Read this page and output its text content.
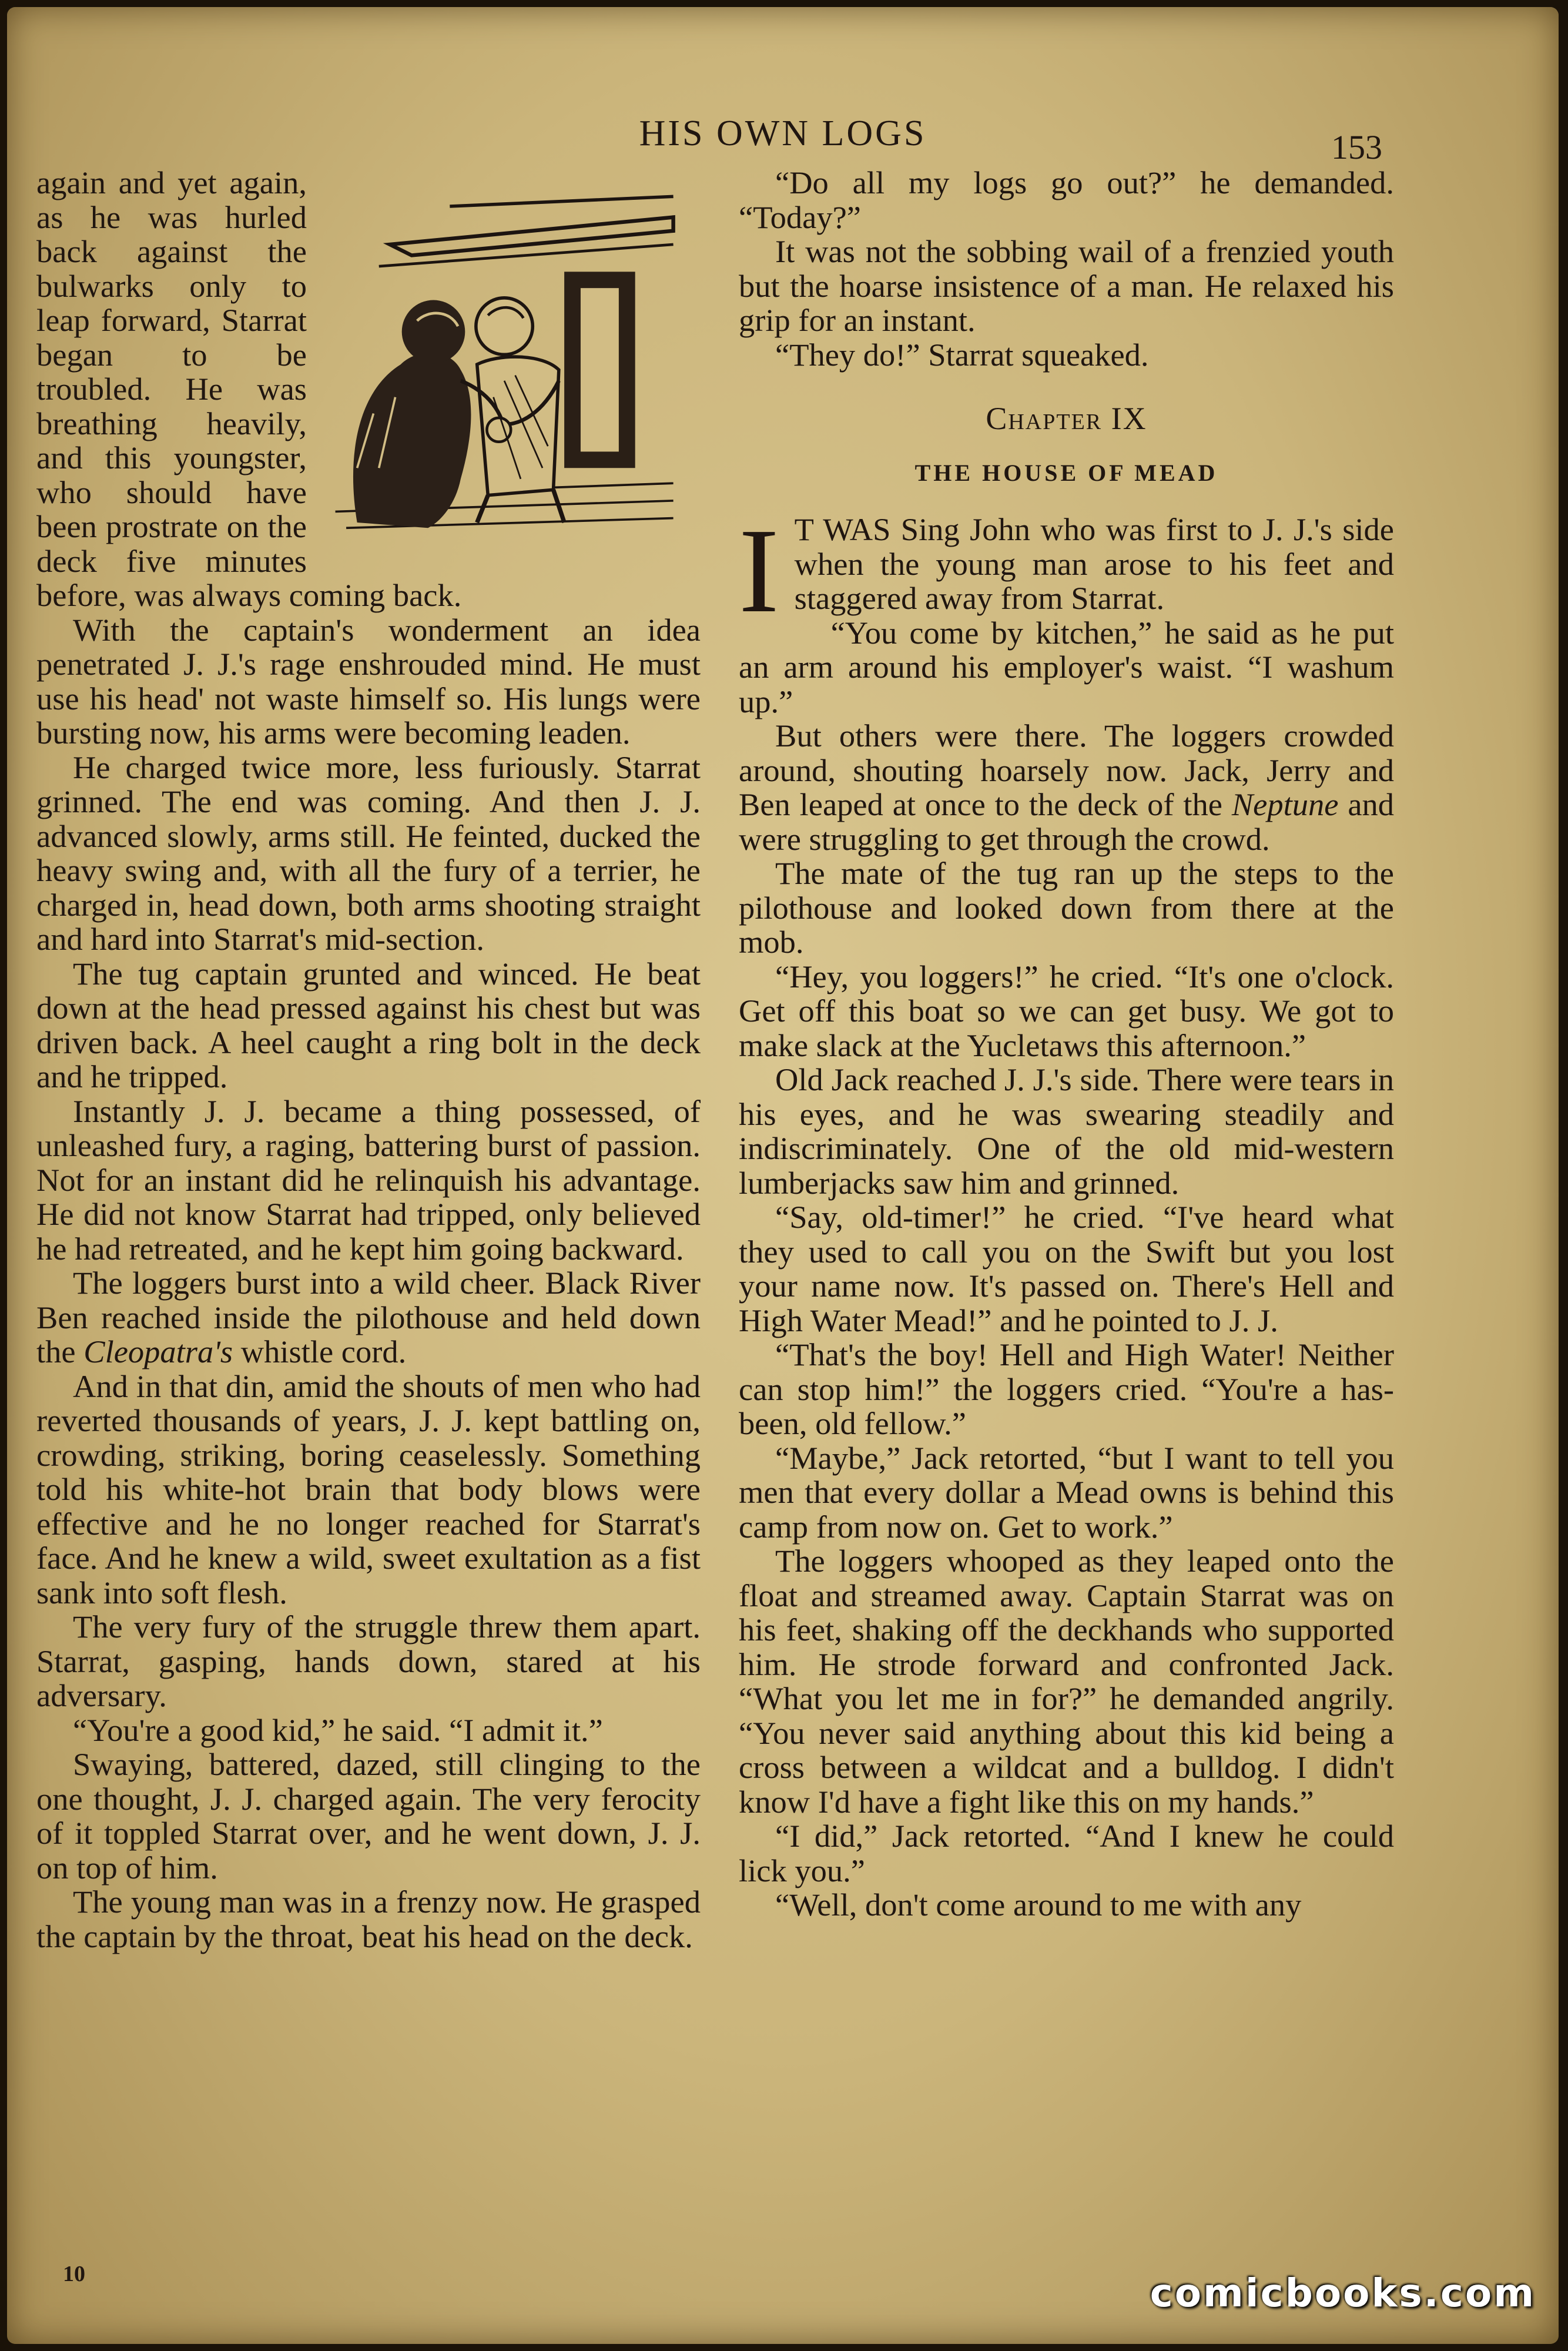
HIS OWN LOGS	153

again and yet again, as he was hurled back against the bulwarks only to leap forward, Starrat began to be troubled. He was breathing heavily, and this youngster, who should have been prostrate on the deck five minutes before, was always coming back.

With the captain's wonderment an idea penetrated J. J.'s rage enshrouded mind. He must use his head' not waste himself so. His lungs were bursting now, his arms were becoming leaden.

He charged twice more, less furiously. Starrat grinned. The end was coming. And then J. J. advanced slowly, arms still. He feinted, ducked the heavy swing and, with all the fury of a terrier, he charged in, head down, both arms shooting straight and hard into Starrat's mid-section.

The tug captain grunted and winced. He beat down at the head pressed against his chest but was driven back. A heel caught a ring bolt in the deck and he tripped.

Instantly J. J. became a thing possessed, of unleashed fury, a raging, battering burst of passion. Not for an instant did he relinquish his advantage. He did not know Starrat had tripped, only believed he had retreated, and he kept him going backward.

The loggers burst into a wild cheer. Black River Ben reached inside the pilothouse and held down the Cleopatra's whistle cord.

And in that din, amid the shouts of men who had reverted thousands of years, J. J. kept battling on, crowding, striking, boring ceaselessly. Something told his white-hot brain that body blows were effective and he no longer reached for Starrat's face. And he knew a wild, sweet exultation as a fist sank into soft flesh.

The very fury of the struggle threw them apart. Starrat, gasping, hands down, stared at his adversary.

“You're a good kid,” he said. “I admit it.”

Swaying, battered, dazed, still clinging to the one thought, J. J. charged again. The very ferocity of it toppled Starrat over, and he went down, J. J. on top of him.

The young man was in a frenzy now. He grasped the captain by the throat, beat his head on the deck.

“Do all my logs go out?” he demanded. “Today?”

It was not the sobbing wail of a frenzied youth but the hoarse insistence of a man. He relaxed his grip for an instant.

“They do!” Starrat squeaked.

Chapter IX
THE HOUSE OF MEAD

I T WAS Sing John who was first to J. J.'s side when the young man arose to his feet and staggered away from Starrat.

“You come by kitchen,” he said as he put an arm around his employer's waist. “I washum up.”

But others were there. The loggers crowded around, shouting hoarsely now. Jack, Jerry and Ben leaped at once to the deck of the Neptune and were struggling to get through the crowd.

The mate of the tug ran up the steps to the pilothouse and looked down from there at the mob.

“Hey, you loggers!” he cried. “It's one o'clock. Get off this boat so we can get busy. We got to make slack at the Yucletaws this afternoon.”

Old Jack reached J. J.'s side. There were tears in his eyes, and he was swearing steadily and indiscriminately. One of the old mid-western lumberjacks saw him and grinned.

“Say, old-timer!” he cried. “I've heard what they used to call you on the Swift but you lost your name now. It's passed on. There's Hell and High Water Mead!” and he pointed to J. J.

“That's the boy! Hell and High Water! Neither can stop him!” the loggers cried. “You're a has-been, old fellow.”

“Maybe,” Jack retorted, “but I want to tell you men that every dollar a Mead owns is behind this camp from now on. Get to work.”

The loggers whooped as they leaped onto the float and streamed away. Captain Starrat was on his feet, shaking off the deckhands who supported him. He strode forward and confronted Jack. “What you let me in for?” he demanded angrily. “You never said anything about this kid being a cross between a wildcat and a bulldog. I didn't know I'd have a fight like this on my hands.”

“I did,” Jack retorted. “And I knew he could lick you.”

“Well, don't come around to me with any

10	comicbooks.com
